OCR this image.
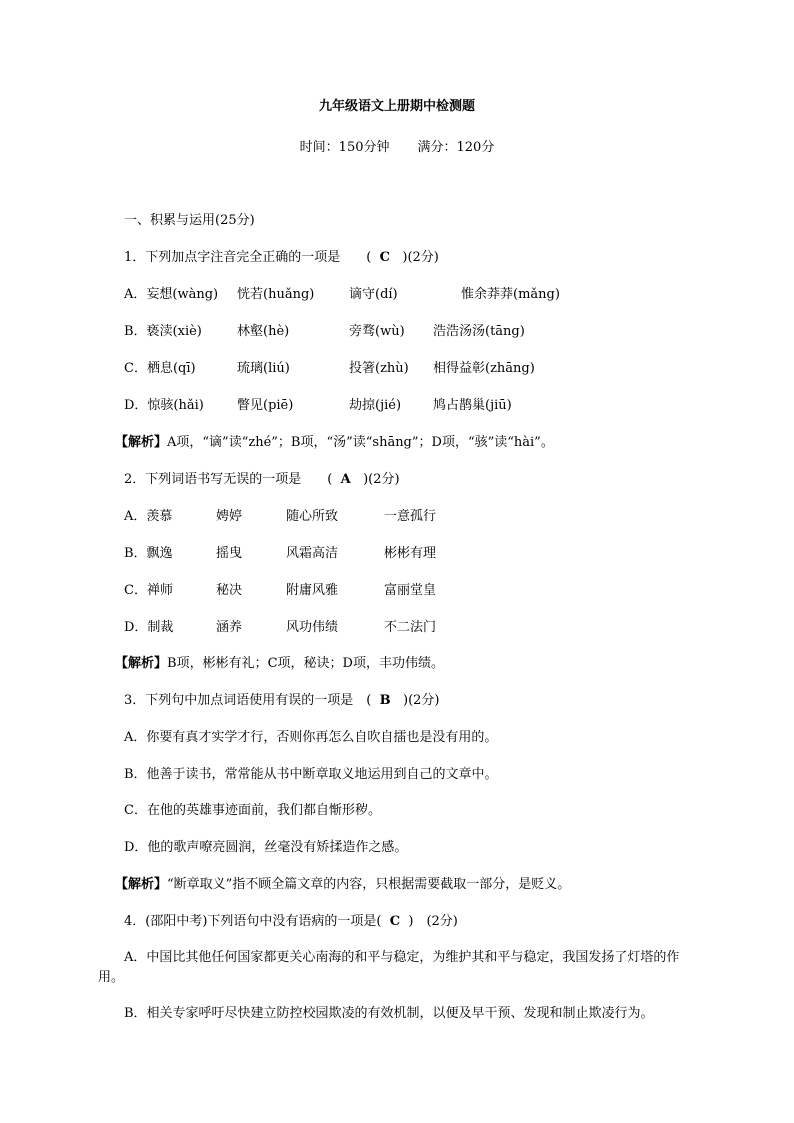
九年级语文上册期中检测题
时间：150分钟 满分：120分
一、积累与运用(25分)
1．下列加点字注音完全正确的一项是　　( C )(2分)
A．妄想(wàng) 恍若(huǎng)	谪守(dí)	惟余莽莽(mǎng)
B．亵渎(xiè)	林壑(hè)	旁骛(wù) 浩浩汤汤(tāng)
C．栖息(qī)	琉璃(liú)	投箸(zhù) 相得益彰(zhāng)
D．惊骇(hǎi)	瞥见(piē)	劫掠(jié) 鸠占鹊巢(jiū)
【解析】A项，“谪”读“zhé”；B项，“汤”读“shāng”；D项，“骇”读“hài”。
2．下列词语书写无误的一项是　　( A )(2分)
A．羡慕	娉婷	随心所致	一意孤行
B．飘逸	摇曳	风霜高洁	彬彬有理
C．禅师	秘决	附庸风雅	富丽堂皇
D．制裁	涵养	风功伟绩	不二法门
【解析】B项，彬彬有礼；C项，秘诀；D项，丰功伟绩。
3．下列句中加点词语使用有误的一项是　( B )(2分)
A．你要有真才实学才行，否则你再怎么自吹自擂也是没有用的。
B．他善于读书，常常能从书中断章取义地运用到自己的文章中。
C．在他的英雄事迹面前，我们都自惭形秽。
D．他的歌声嘹亮圆润，丝毫没有矫揉造作之感。
【解析】“断章取义”指不顾全篇文章的内容，只根据需要截取一部分，是贬义。
4．(邵阳中考)下列语句中没有语病的一项是( C )　(2分)
A．中国比其他任何国家都更关心南海的和平与稳定，为维护其和平与稳定，我国发扬了灯塔的作用。
B．相关专家呼吁尽快建立防控校园欺凌的有效机制，以便及早干预、发现和制止欺凌行为。
